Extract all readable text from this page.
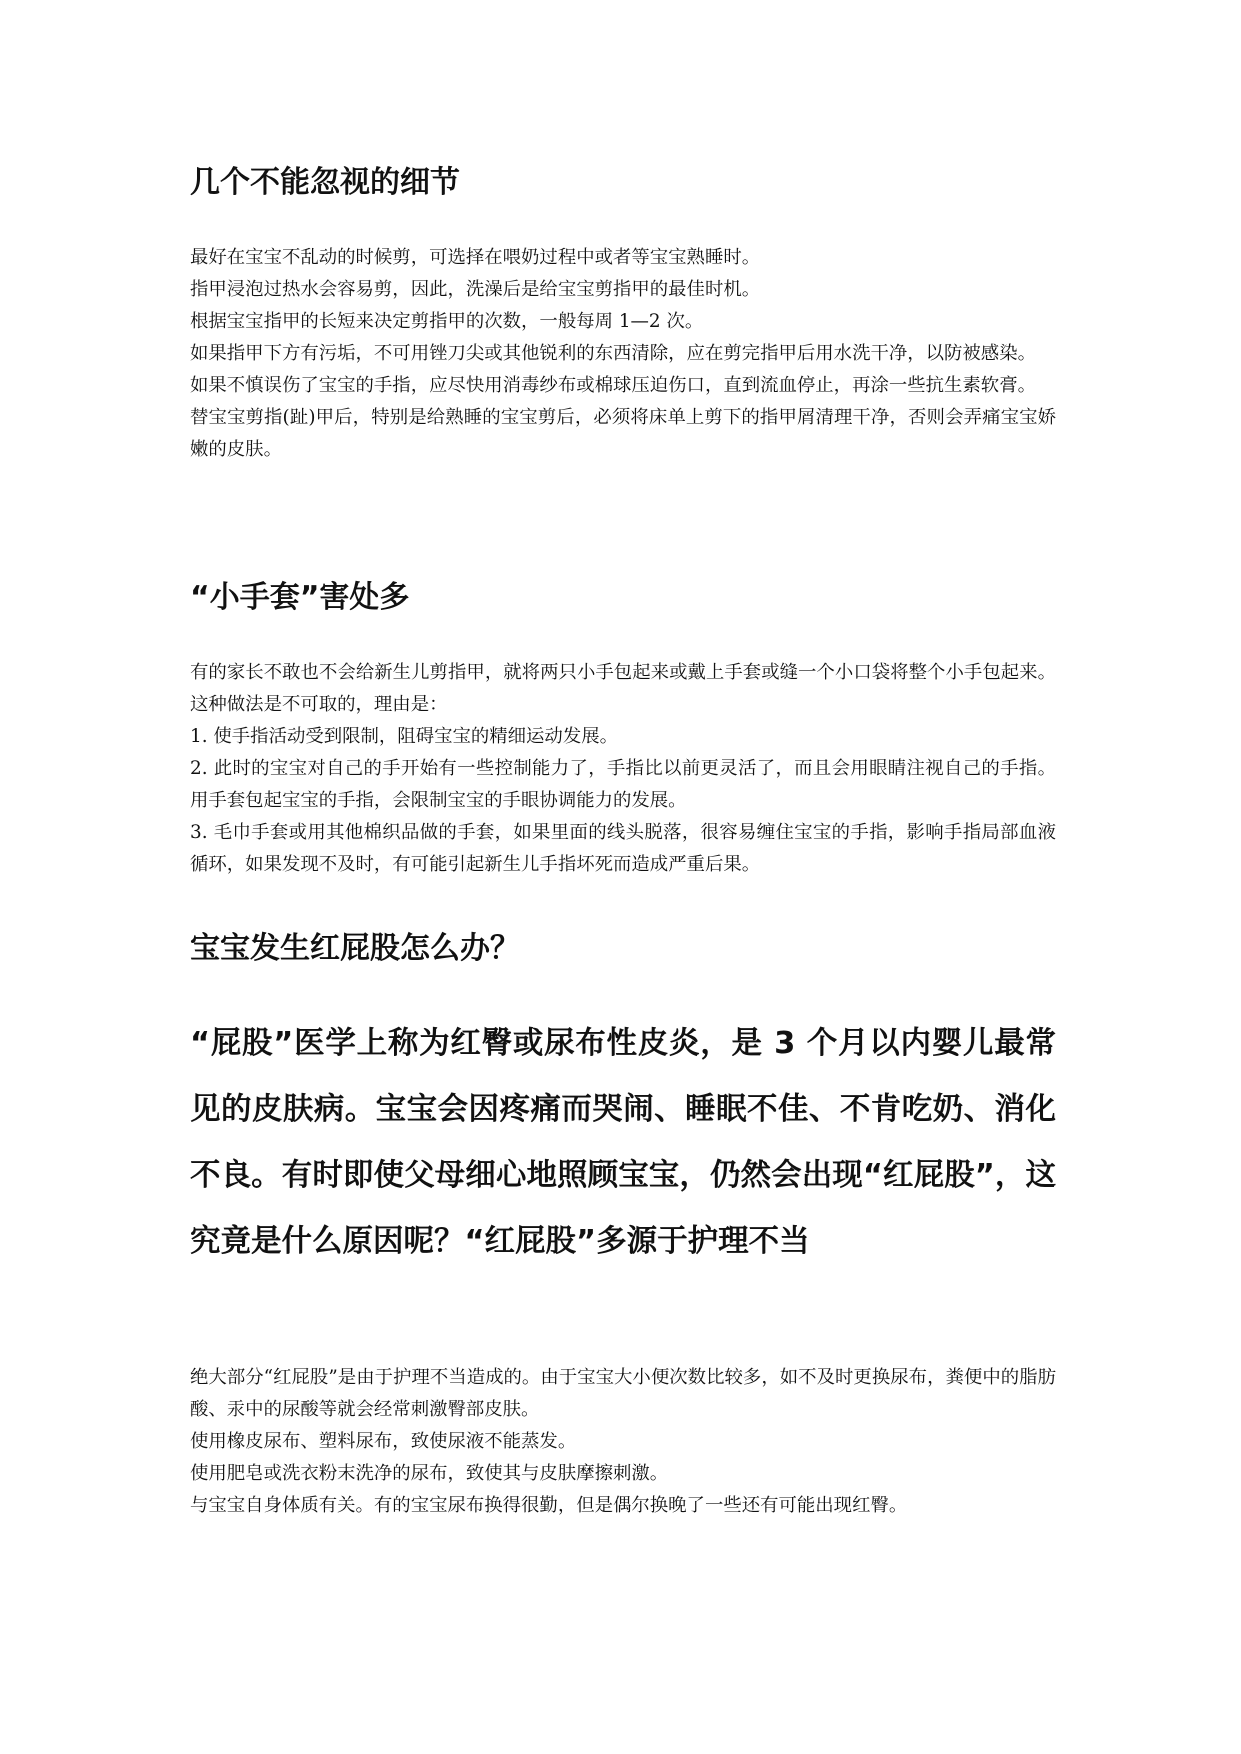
几个不能忽视的细节

最好在宝宝不乱动的时候剪，可选择在喂奶过程中或者等宝宝熟睡时。

指甲浸泡过热水会容易剪，因此，洗澡后是给宝宝剪指甲的最佳时机。

根据宝宝指甲的长短来决定剪指甲的次数，一般每周 1—2 次。

如果指甲下方有污垢，不可用锉刀尖或其他锐利的东西清除，应在剪完指甲后用水洗干净，以防被感染。

如果不慎误伤了宝宝的手指，应尽快用消毒纱布或棉球压迫伤口，直到流血停止，再涂一些抗生素软膏。

替宝宝剪指(趾)甲后，特别是给熟睡的宝宝剪后，必须将床单上剪下的指甲屑清理干净，否则会弄痛宝宝娇嫩的皮肤。

“小手套”害处多

有的家长不敢也不会给新生儿剪指甲，就将两只小手包起来或戴上手套或缝一个小口袋将整个小手包起来。这种做法是不可取的，理由是：

1. 使手指活动受到限制，阻碍宝宝的精细运动发展。

2. 此时的宝宝对自己的手开始有一些控制能力了，手指比以前更灵活了，而且会用眼睛注视自己的手指。用手套包起宝宝的手指，会限制宝宝的手眼协调能力的发展。

3. 毛巾手套或用其他棉织品做的手套，如果里面的线头脱落，很容易缠住宝宝的手指，影响手指局部血液循环，如果发现不及时，有可能引起新生儿手指坏死而造成严重后果。

宝宝发生红屁股怎么办？
“屁股”医学上称为红臀或尿布性皮炎，是 3 个月以内婴儿最常见的皮肤病。宝宝会因疼痛而哭闹、睡眠不佳、不肯吃奶、消化不良。有时即使父母细心地照顾宝宝，仍然会出现“红屁股”，这究竟是什么原因呢？“红屁股”多源于护理不当

绝大部分“红屁股”是由于护理不当造成的。由于宝宝大小便次数比较多，如不及时更换尿布，粪便中的脂肪酸、汞中的尿酸等就会经常刺激臀部皮肤。

使用橡皮尿布、塑料尿布，致使尿液不能蒸发。

使用肥皂或洗衣粉末洗净的尿布，致使其与皮肤摩擦刺激。

与宝宝自身体质有关。有的宝宝尿布换得很勤，但是偶尔换晚了一些还有可能出现红臀。
